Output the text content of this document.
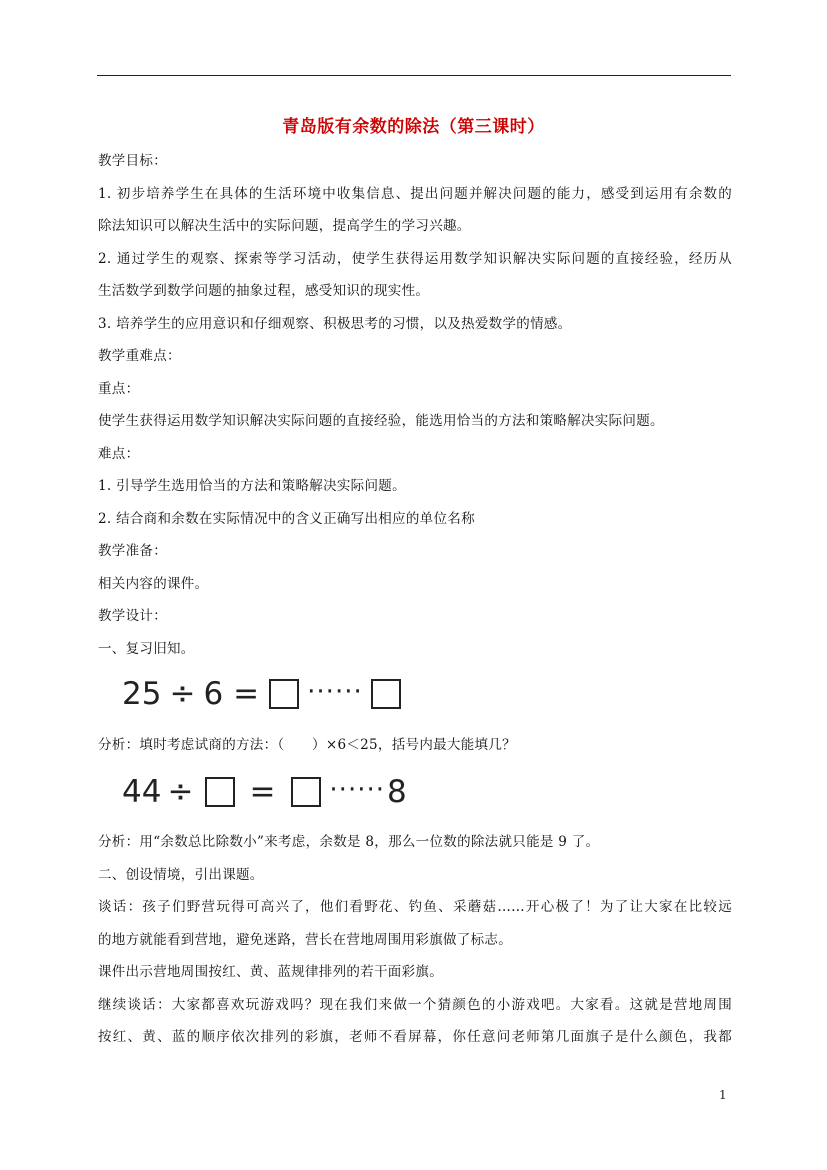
青岛版有余数的除法（第三课时）
教学目标：
1. 初步培养学生在具体的生活环境中收集信息、提出问题并解决问题的能力，感受到运用有余数的
除法知识可以解决生活中的实际问题，提高学生的学习兴趣。
2. 通过学生的观察、探索等学习活动，使学生获得运用数学知识解决实际问题的直接经验，经历从
生活数学到数学问题的抽象过程，感受知识的现实性。
3. 培养学生的应用意识和仔细观察、积极思考的习惯，以及热爱数学的情感。
教学重难点：
重点：
使学生获得运用数学知识解决实际问题的直接经验，能选用恰当的方法和策略解决实际问题。
难点：
1. 引导学生选用恰当的方法和策略解决实际问题。
2. 结合商和余数在实际情况中的含义正确写出相应的单位名称
教学准备：
相关内容的课件。
教学设计：
一、复习旧知。
25 ÷ 6 = ······
分析：填时考虑试商的方法：（　　）×6＜25，括号内最大能填几？
44 ÷ = ······ 8
分析：用“余数总比除数小”来考虑，余数是 8，那么一位数的除法就只能是 9 了。
二、创设情境，引出课题。
谈话：孩子们野营玩得可高兴了，他们看野花、钓鱼、采蘑菇……开心极了！为了让大家在比较远
的地方就能看到营地，避免迷路，营长在营地周围用彩旗做了标志。
课件出示营地周围按红、黄、蓝规律排列的若干面彩旗。
继续谈话：大家都喜欢玩游戏吗？现在我们来做一个猜颜色的小游戏吧。大家看。这就是营地周围
按红、黄、蓝的顺序依次排列的彩旗，老师不看屏幕，你任意问老师第几面旗子是什么颜色，我都
1
